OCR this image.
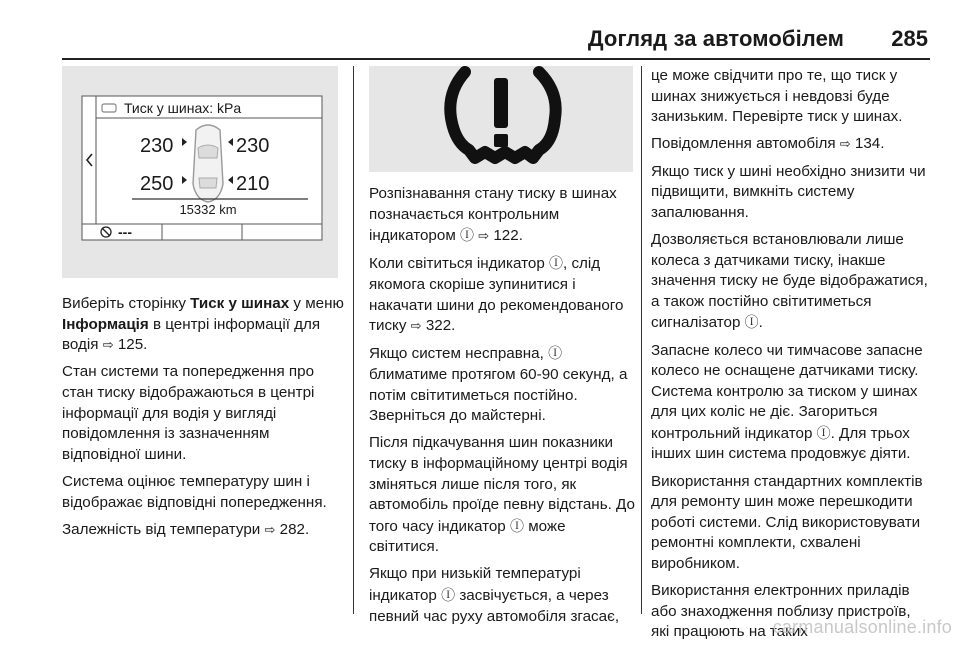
Догляд за автомобілем 285
Тиск у шинах: kPa
230	230
250	210
15332 km
---

Виберіть сторінку Тиск у шинах у меню Інформація в центрі інформації для водія ⇨ 125.

Стан системи та попередження про стан тиску відображаються в центрі інформації для водія у вигляді повідомлення із зазначенням відповідної шини.

Система оцінює температуру шин і відображає відповідні попередження.

Залежність від температури ⇨ 282.

Розпізнавання стану тиску в шинах позначається контрольним індикатором Ⓘ ⇨ 122.

Коли світиться індикатор Ⓘ, слід якомога скоріше зупинитися і накачати шини до рекомендованого тиску ⇨ 322.

Якщо систем несправна, Ⓘ блиматиме протягом 60-90 секунд, а потім світитиметься постійно. Зверніться до майстерні.

Після підкачування шин показники тиску в інформаційному центрі водія зміняться лише після того, як автомобіль проїде певну відстань. До того часу індикатор Ⓘ може світитися.

Якщо при низькій температурі індикатор Ⓘ засвічується, а через певний час руху автомобіля згасає,

це може свідчити про те, що тиск у шинах знижується і невдовзі буде занизьким. Перевірте тиск у шинах.

Повідомлення автомобіля ⇨ 134.

Якщо тиск у шині необхідно знизити чи підвищити, вимкніть систему запалювання.

Дозволяється встановлювали лише колеса з датчиками тиску, інакше значення тиску не буде відображатися, а також постійно світитиметься сигналізатор Ⓘ.

Запасне колесо чи тимчасове запасне колесо не оснащене датчиками тиску. Система контролю за тиском у шинах для цих коліс не діє. Загориться контрольний індикатор Ⓘ. Для трьох інших шин система продовжує діяти.

Використання стандартних комплектів для ремонту шин може перешкодити роботі системи. Слід використовувати ремонтні комплекти, схвалені виробником.

Використання електронних приладів або знаходження поблизу пристроїв, які працюють на таких

carmanualsonline.info
